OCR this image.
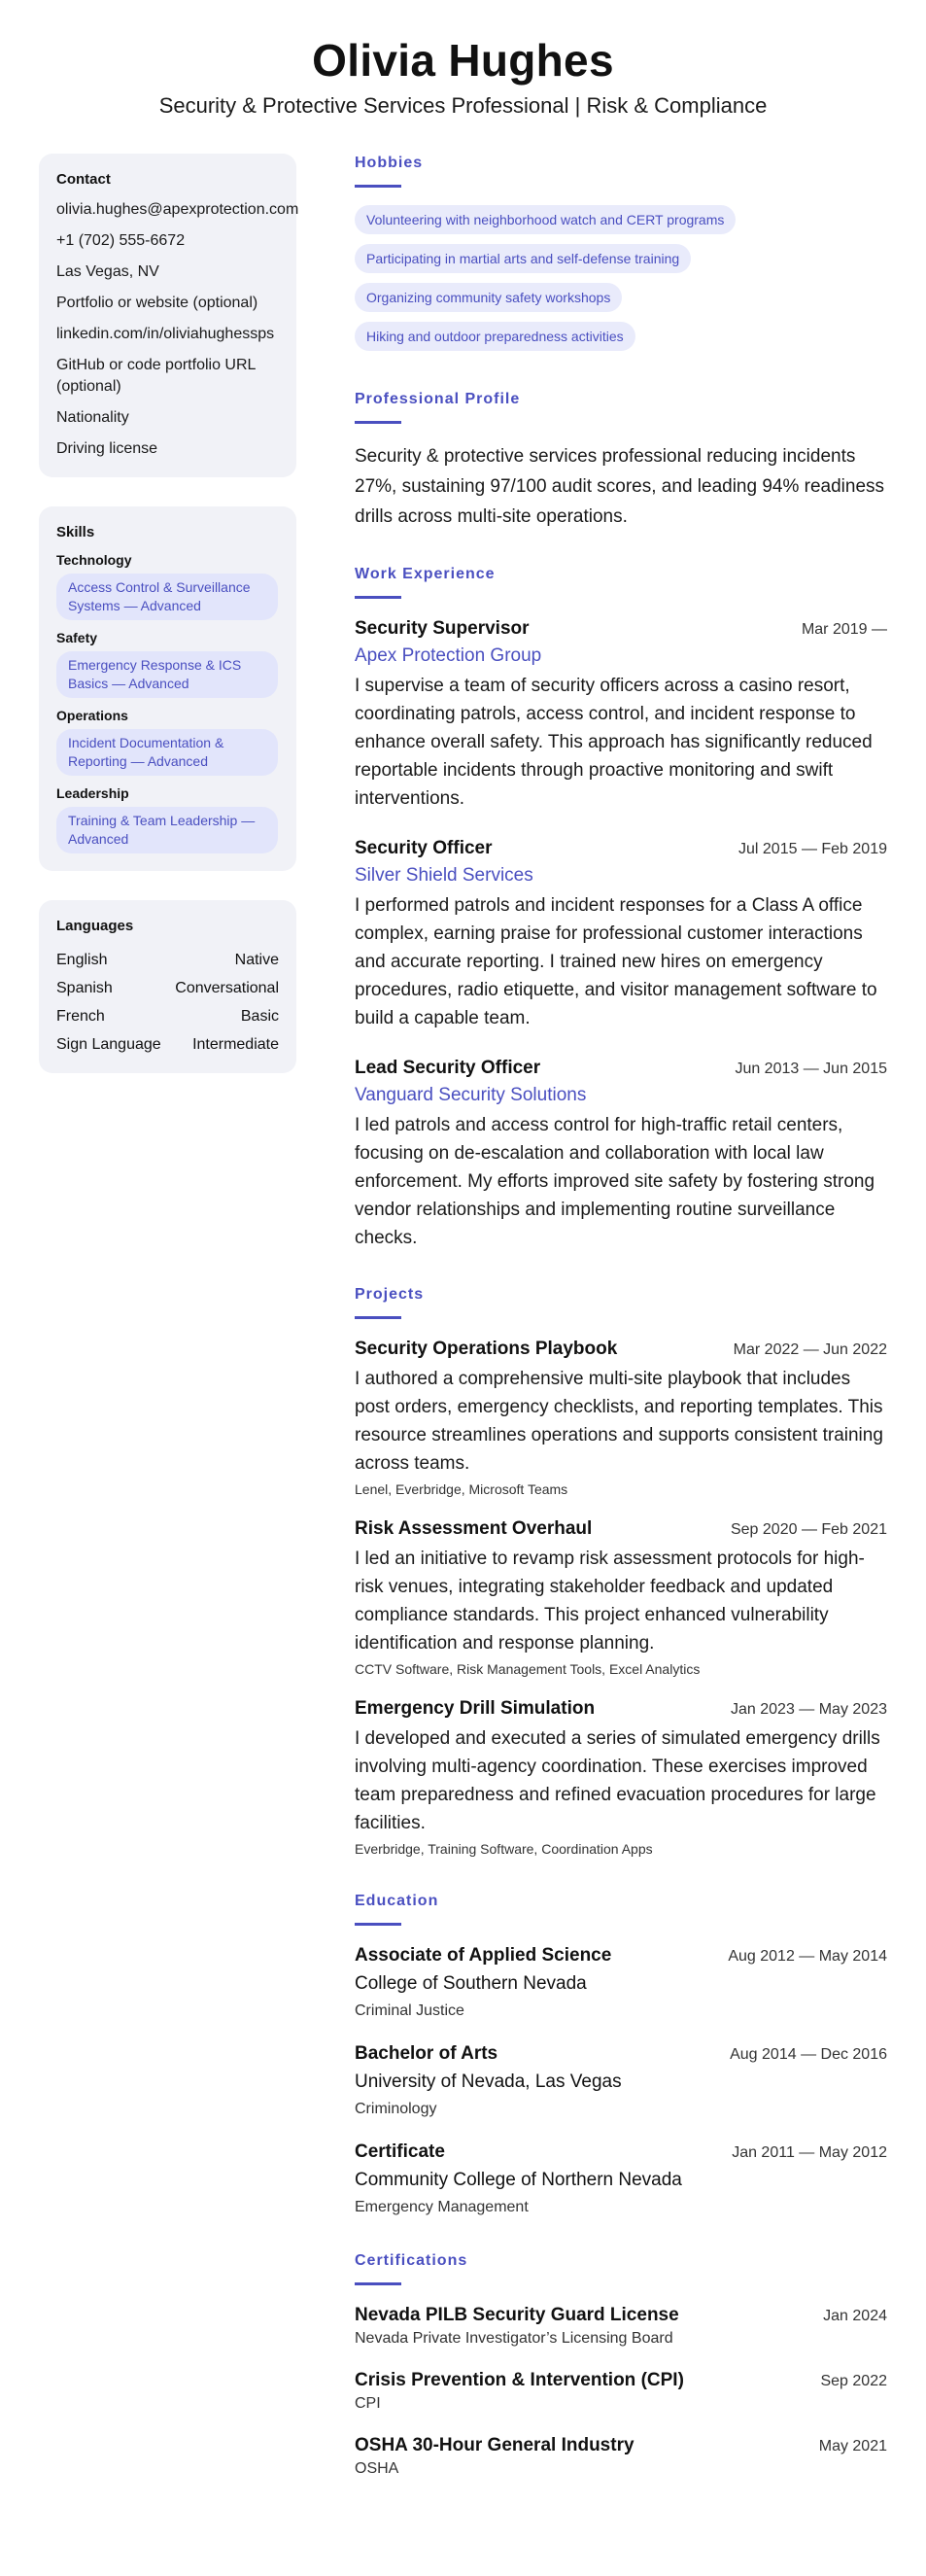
Olivia Hughes
Security & Protective Services Professional | Risk & Compliance
Contact
olivia.hughes@apexprotection.com
+1 (702) 555-6672
Las Vegas, NV
Portfolio or website (optional)
linkedin.com/in/oliviahughessps
GitHub or code portfolio URL (optional)
Nationality
Driving license
Skills
Technology
Access Control & Surveillance Systems — Advanced
Safety
Emergency Response & ICS Basics — Advanced
Operations
Incident Documentation & Reporting — Advanced
Leadership
Training & Team Leadership — Advanced
Languages
English	Native
Spanish	Conversational
French	Basic
Sign Language Intermediate
Hobbies
Volunteering with neighborhood watch and CERT programs
Participating in martial arts and self-defense training
Organizing community safety workshops
Hiking and outdoor preparedness activities
Professional Profile

Security & protective services professional reducing incidents 27%, sustaining 97/100 audit scores, and leading 94% readiness drills across multi-site operations.

Work Experience
Security Supervisor	Mar 2019 —
Apex Protection Group

I supervise a team of security officers across a casino resort, coordinating patrols, access control, and incident response to enhance overall safety. This approach has significantly reduced reportable incidents through proactive monitoring and swift interventions.

Security Officer	Jul 2015 — Feb 2019
Silver Shield Services

I performed patrols and incident responses for a Class A office complex, earning praise for professional customer interactions and accurate reporting. I trained new hires on emergency procedures, radio etiquette, and visitor management software to build a capable team.

Lead Security Officer	Jun 2013 — Jun 2015
Vanguard Security Solutions

I led patrols and access control for high-traffic retail centers, focusing on de-escalation and collaboration with local law enforcement. My efforts improved site safety by fostering strong vendor relationships and implementing routine surveillance checks.

Projects
Security Operations Playbook	Mar 2022 — Jun 2022

I authored a comprehensive multi-site playbook that includes post orders, emergency checklists, and reporting templates. This resource streamlines operations and supports consistent training across teams.

Lenel, Everbridge, Microsoft Teams
Risk Assessment Overhaul	Sep 2020 — Feb 2021

I led an initiative to revamp risk assessment protocols for high-risk venues, integrating stakeholder feedback and updated compliance standards. This project enhanced vulnerability identification and response planning.

CCTV Software, Risk Management Tools, Excel Analytics
Emergency Drill Simulation	Jan 2023 — May 2023

I developed and executed a series of simulated emergency drills involving multi-agency coordination. These exercises improved team preparedness and refined evacuation procedures for large facilities.

Everbridge, Training Software, Coordination Apps
Education
Associate of Applied Science	Aug 2012 — May 2014
College of Southern Nevada
Criminal Justice
Bachelor of Arts	Aug 2014 — Dec 2016
University of Nevada, Las Vegas
Criminology
Certificate	Jan 2011 — May 2012
Community College of Northern Nevada
Emergency Management
Certifications
Nevada PILB Security Guard License	Jan 2024
Nevada Private Investigator’s Licensing Board
Crisis Prevention & Intervention (CPI)	Sep 2022
CPI
OSHA 30-Hour General Industry	May 2021
OSHA
